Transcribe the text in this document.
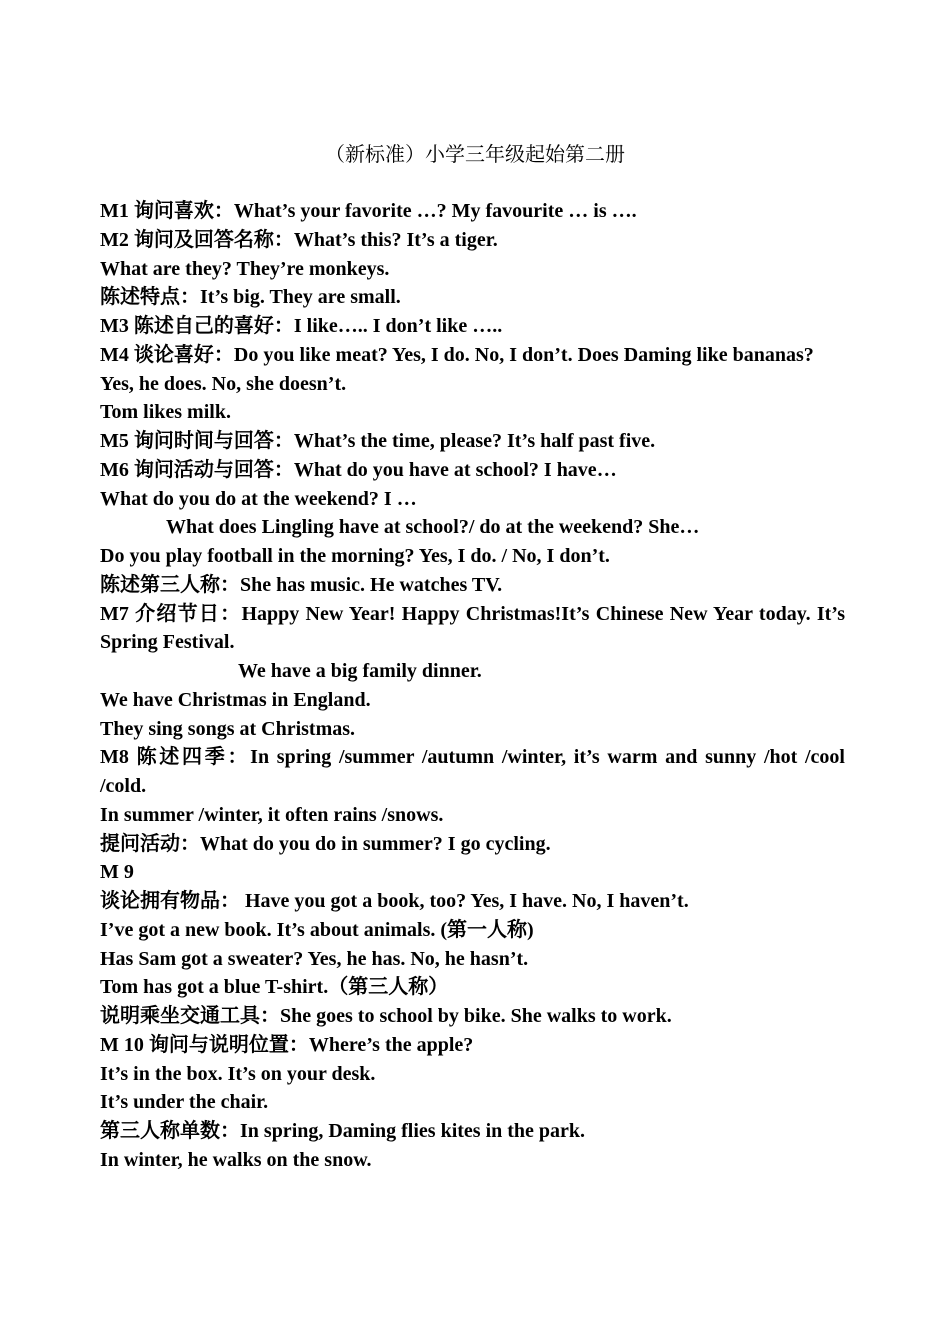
（新标准）小学三年级起始第二册
M1 询问喜欢：What’s your favorite …? My favourite … is ….
M2 询问及回答名称：What’s this? It’s a tiger.
What are they? They’re monkeys.
陈述特点：It’s big. They are small.
M3 陈述自己的喜好：I like….. I don’t like …..
M4 谈论喜好：Do you like meat? Yes, I do. No, I don’t. Does Daming like bananas?
Yes, he does. No, she doesn’t.
Tom likes milk.
M5 询问时间与回答：What’s the time, please? It’s half past five.
M6 询问活动与回答：What do you have at school? I have…
What do you do at the weekend? I …
What does Lingling have at school?/ do at the weekend? She…
Do you play football in the morning? Yes, I do. / No, I don’t.
陈述第三人称：She has music. He watches TV.
M7 介绍节日：Happy New Year! Happy Christmas!It’s Chinese New Year today. It’s Spring Festival.
We have a big family dinner.
We have Christmas in England.
They sing songs at Christmas.
M8 陈述四季：In spring /summer /autumn /winter, it’s warm and sunny /hot /cool /cold.
In summer /winter, it often rains /snows.
提问活动：What do you do in summer? I go cycling.
M 9
谈论拥有物品： Have you got a book, too? Yes, I have. No, I haven’t.
I’ve got a new book. It’s about animals. (第一人称)
Has Sam got a sweater? Yes, he has. No, he hasn’t.
Tom has got a blue T-shirt.（第三人称）
说明乘坐交通工具：She goes to school by bike. She walks to work.
M 10 询问与说明位置：Where’s the apple?
It’s in the box. It’s on your desk.
It’s under the chair.
第三人称单数：In spring, Daming flies kites in the park.
In winter, he walks on the snow.
